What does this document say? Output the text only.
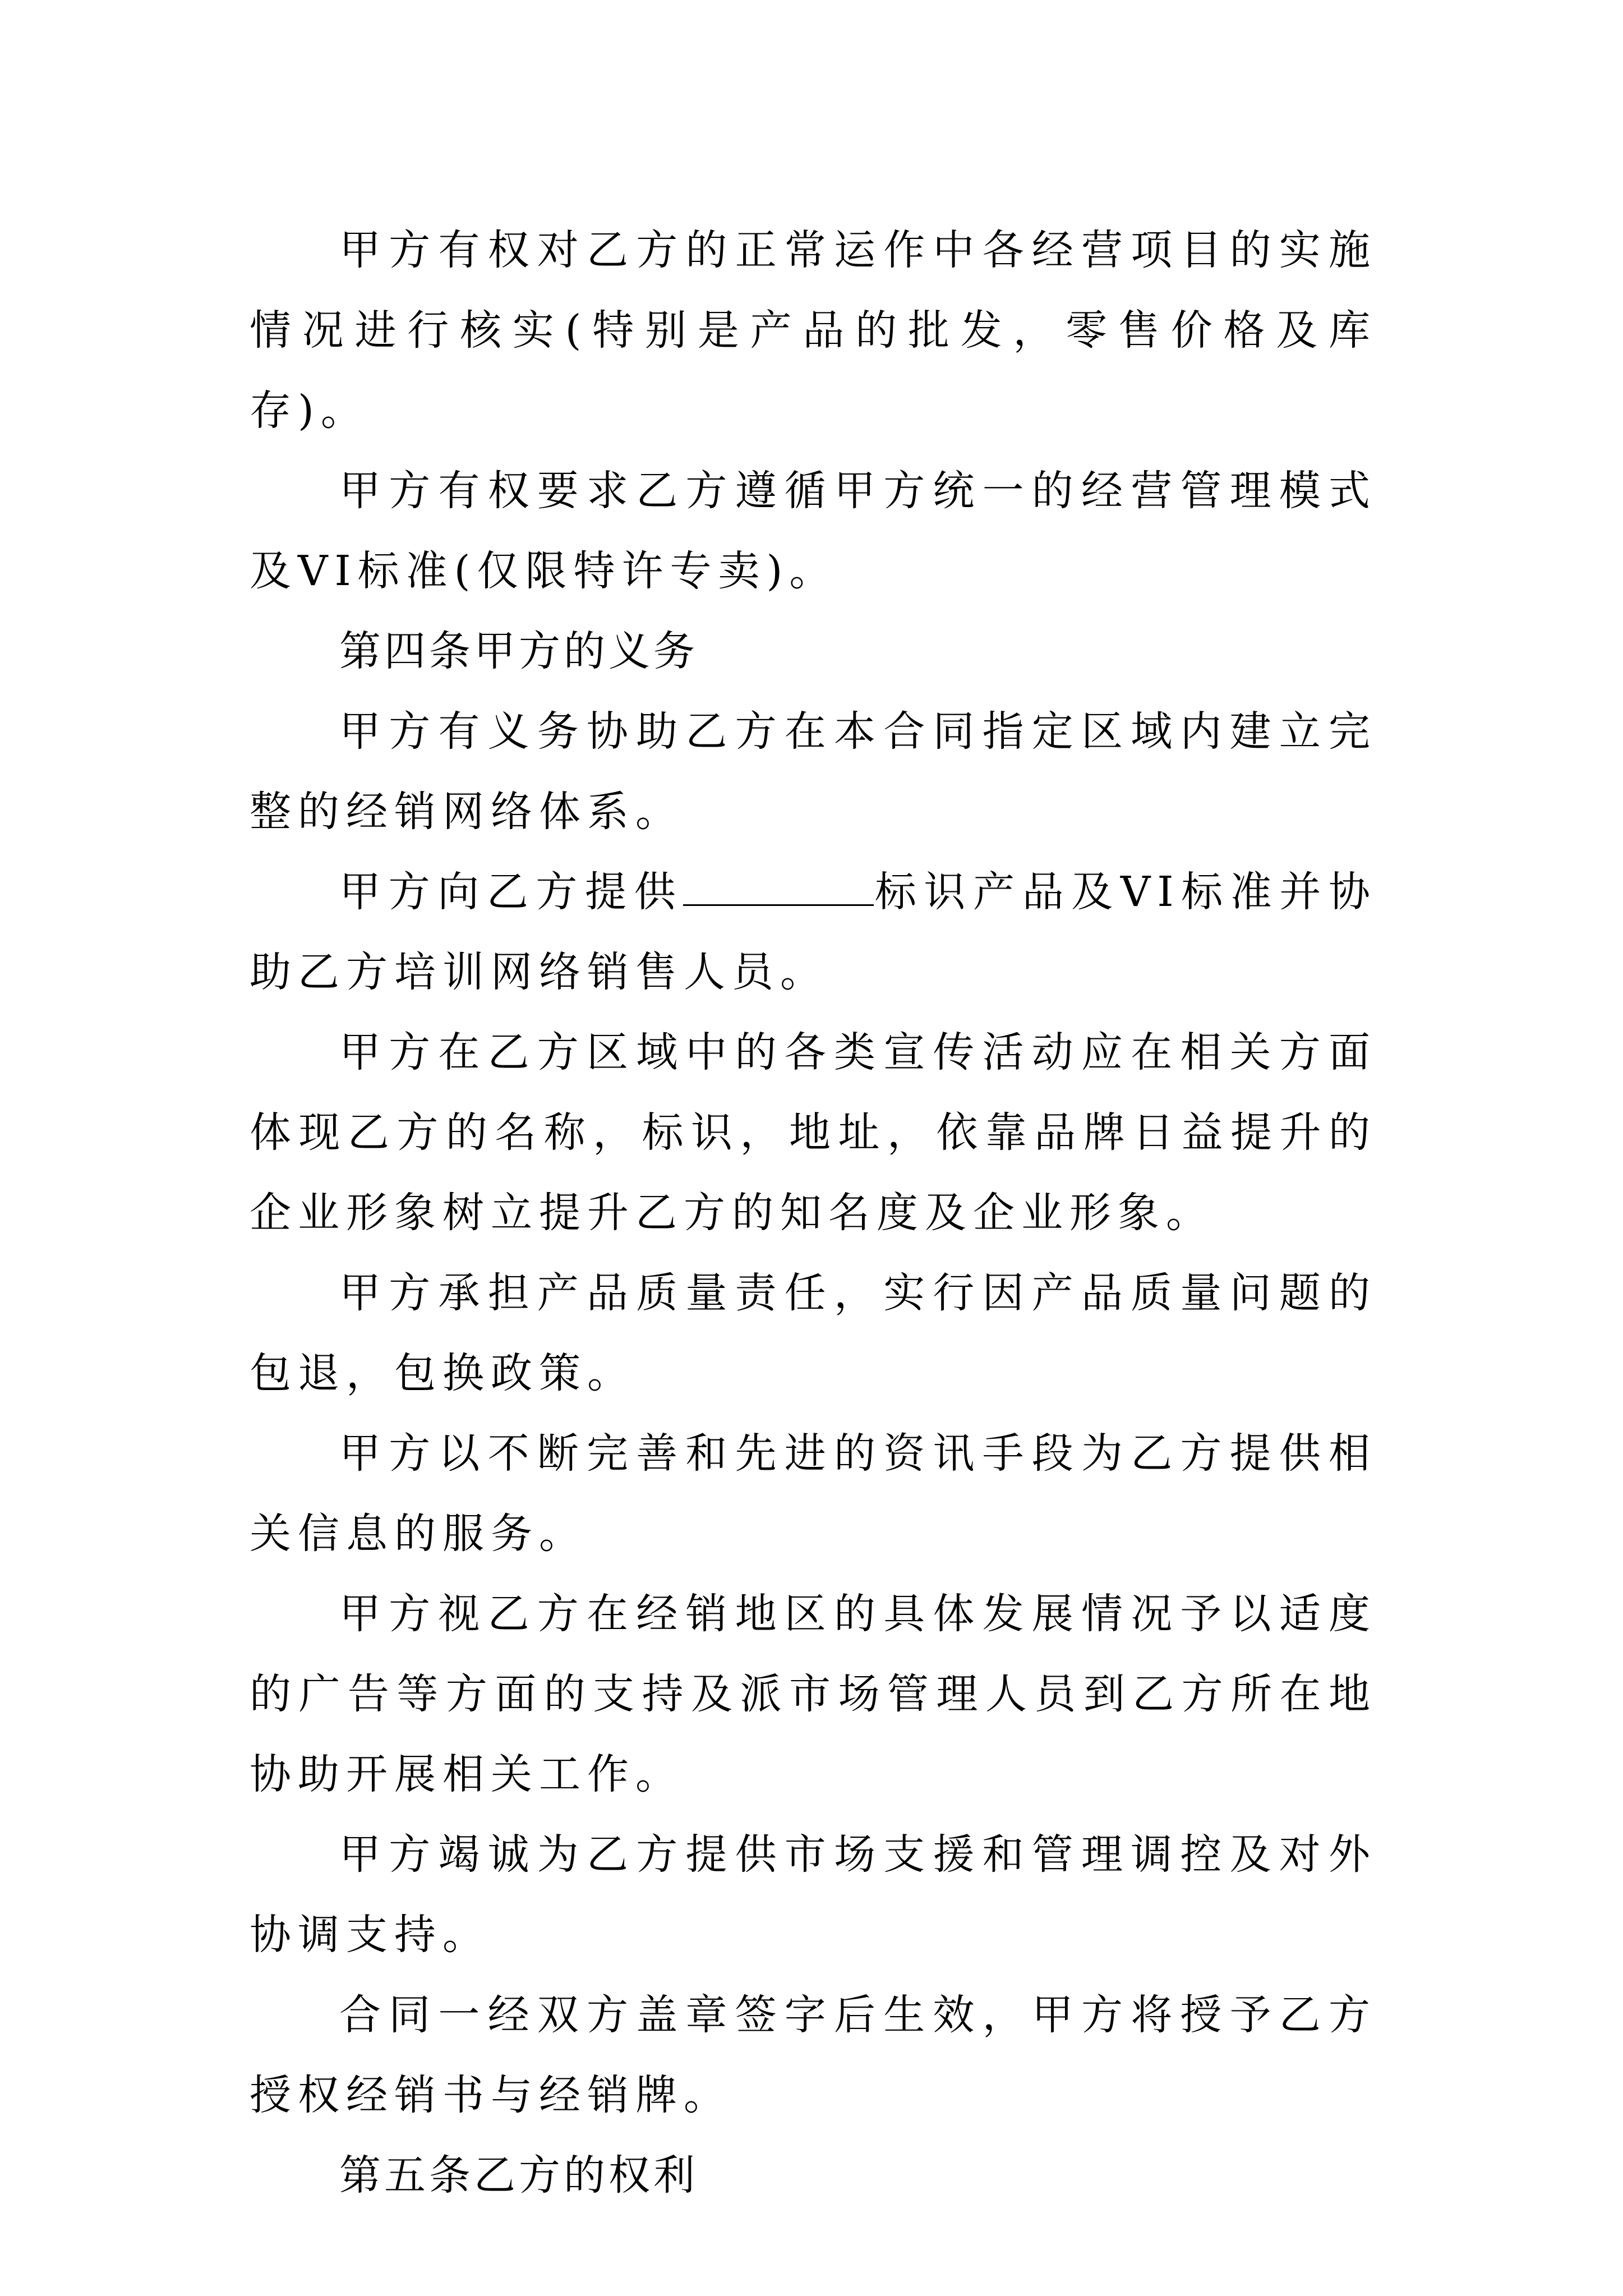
甲方有权对乙方的正常运作中各经营项目的实施情况进行核实(特别是产品的批发，零售价格及库存)。

甲方有权要求乙方遵循甲方统一的经营管理模式及VI标准(仅限特许专卖)。

第四条甲方的义务

甲方有义务协助乙方在本合同指定区域内建立完整的经销网络体系。

甲方向乙方提供	标识产品及VI标准并协助乙方培训网络销售人员。

甲方在乙方区域中的各类宣传活动应在相关方面体现乙方的名称，标识，地址，依靠品牌日益提升的企业形象树立提升乙方的知名度及企业形象。

甲方承担产品质量责任，实行因产品质量问题的包退，包换政策。

甲方以不断完善和先进的资讯手段为乙方提供相关信息的服务。

甲方视乙方在经销地区的具体发展情况予以适度的广告等方面的支持及派市场管理人员到乙方所在地协助开展相关工作。

甲方竭诚为乙方提供市场支援和管理调控及对外协调支持。

合同一经双方盖章签字后生效，甲方将授予乙方授权经销书与经销牌。

第五条乙方的权利
